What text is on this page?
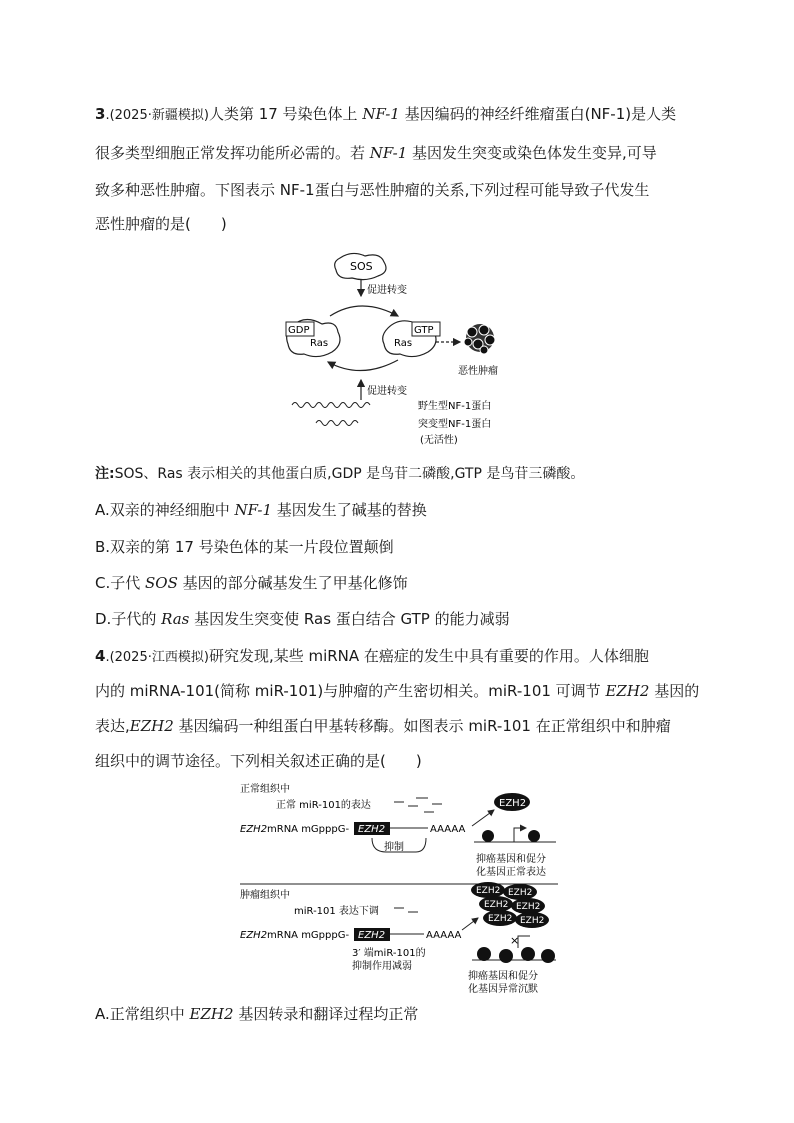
3.(2025·新疆模拟)人类第 17 号染色体上 NF-1 基因编码的神经纤维瘤蛋白(NF-1)是人类
很多类型细胞正常发挥功能所必需的。若 NF-1 基因发生突变或染色体发生变异,可导
致多种恶性肿瘤。下图表示 NF-1蛋白与恶性肿瘤的关系,下列过程可能导致子代发生
恶性肿瘤的是(　　)
SOS
促进转变
GDP
Ras
GTP
Ras
恶性肿瘤
促进转变
野生型NF-1蛋白
突变型NF-1蛋白
(无活性)
注:SOS、Ras 表示相关的其他蛋白质,GDP 是鸟苷二磷酸,GTP 是鸟苷三磷酸。
A.双亲的神经细胞中 NF-1 基因发生了碱基的替换
B.双亲的第 17 号染色体的某一片段位置颠倒
C.子代 SOS 基因的部分碱基发生了甲基化修饰
D.子代的 Ras 基因发生突变使 Ras 蛋白结合 GTP 的能力减弱
4.(2025·江西模拟)研究发现,某些 miRNA 在癌症的发生中具有重要的作用。人体细胞
内的 miRNA-101(简称 miR-101)与肿瘤的产生密切相关。miR-101 可调节 EZH2 基因的
表达,EZH2 基因编码一种组蛋白甲基转移酶。如图表示 miR-101 在正常组织中和肿瘤
组织中的调节途径。下列相关叙述正确的是(　　)
正常组织中
正常 miR-101的表达
EZH2 mRNA mGpppG- EZH2	AAAAA
抑制
EZH2
抑癌基因和促分
化基因正常表达
肿瘤组织中
miR-101 表达下调
EZH2 mRNA mGpppG- EZH2	AAAAA
3′ 端miR-101的
抑制作用减弱
EZH2 EZH2
EZH2 EZH2
EZH2 EZH2
×
抑癌基因和促分
化基因异常沉默
A.正常组织中 EZH2 基因转录和翻译过程均正常
